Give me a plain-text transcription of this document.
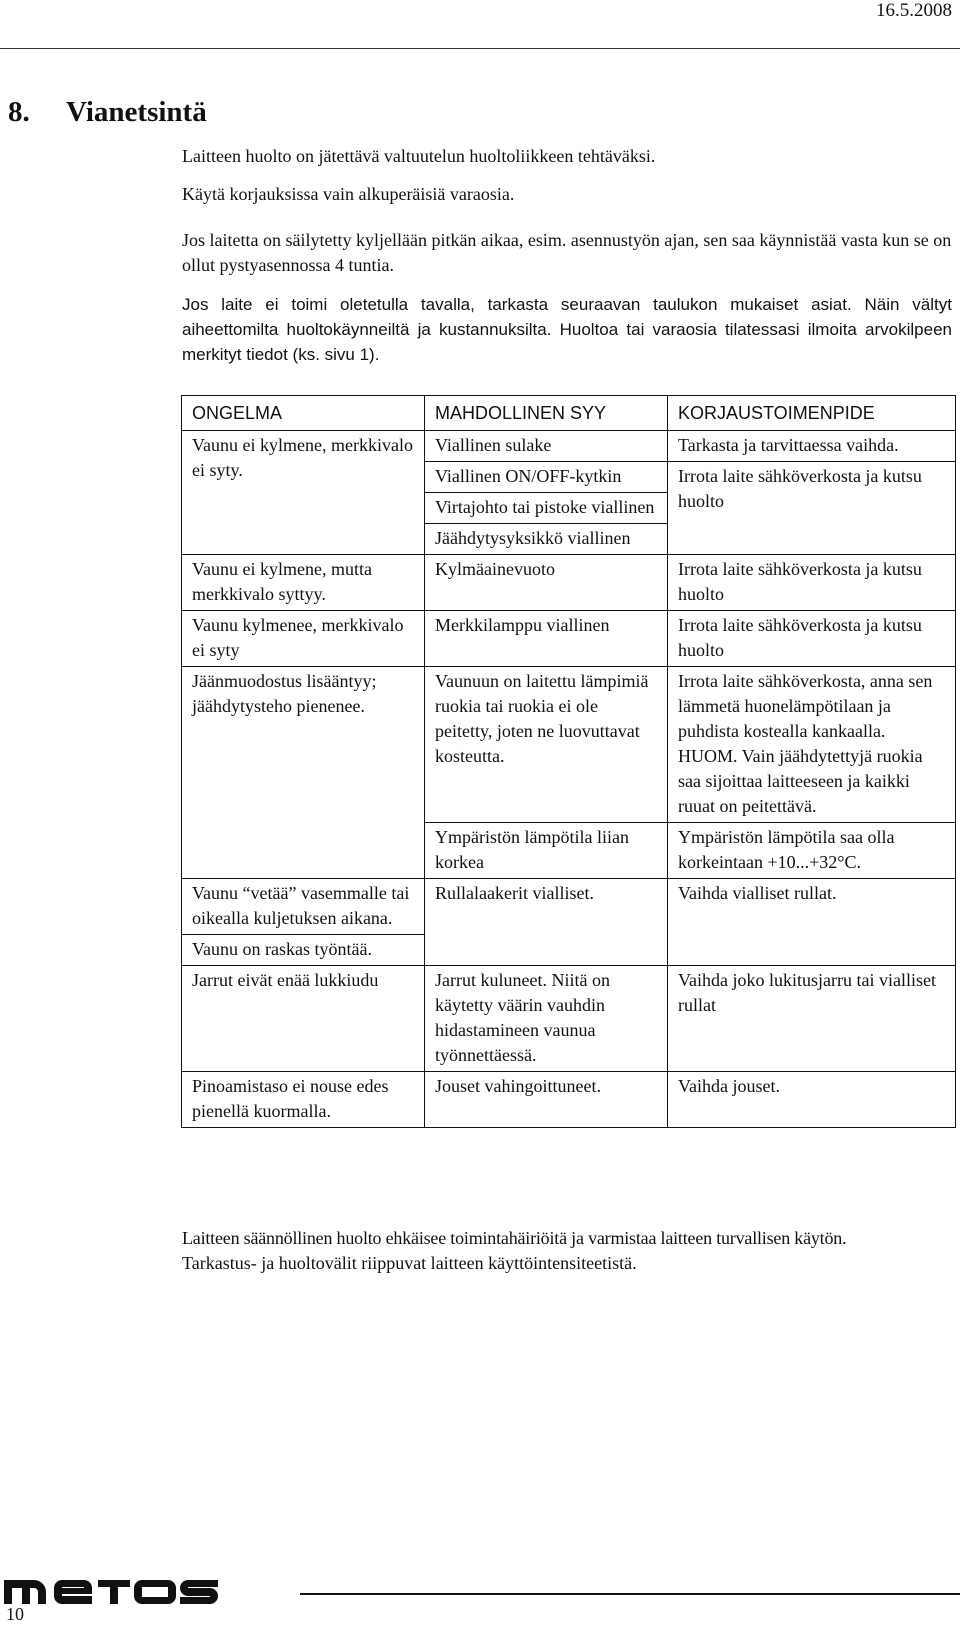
16.5.2008
8. Vianetsintä

Laitteen huolto on jätettävä valtuutelun huoltoliikkeen tehtäväksi.

Käytä korjauksissa vain alkuperäisiä varaosia.

Jos laitetta on säilytetty kyljellään pitkän aikaa, esim. asennustyön ajan, sen saa käynnistää vasta kun se on ollut pystyasennossa 4 tuntia.

Jos laite ei toimi oletetulla tavalla, tarkasta seuraavan taulukon mukaiset asiat. Näin vältyt aiheettomilta huoltokäynneiltä ja kustannuksilta. Huoltoa tai varaosia tilatessasi ilmoita arvokilpeen merkityt tiedot (ks. sivu 1).

ONGELMA	MAHDOLLINEN SYY	KORJAUSTOIMENPIDE
Vaunu ei kylmene, merkkivalo ei syty.	Viallinen sulake	Tarkasta ja tarvittaessa vaihda.
	Viallinen ON/OFF-kytkin	Irrota laite sähköverkosta ja kutsu huolto
	Virtajohto tai pistoke viallinen	
	Jäähdytysyksikkö viallinen	
Vaunu ei kylmene, mutta merkkivalo syttyy.	Kylmäainevuoto	Irrota laite sähköverkosta ja kutsu huolto
Vaunu kylmenee, merkkivalo ei syty	Merkkilamppu viallinen	Irrota laite sähköverkosta ja kutsu huolto
Jäänmuodostus lisääntyy; jäähdytysteho pienenee.	Vaunuun on laitettu lämpimiä ruokia tai ruokia ei ole peitetty, joten ne luovuttavat kosteutta.	Irrota laite sähköverkosta, anna sen lämmetä huonelämpötilaan ja puhdista kostealla kankaalla. HUOM. Vain jäähdytettyjä ruokia saa sijoittaa laitteeseen ja kaikki ruuat on peitettävä.
	Ympäristön lämpötila liian korkea	Ympäristön lämpötila saa olla korkeintaan +10...+32°C.
Vaunu “vetää” vasemmalle tai oikealla kuljetuksen aikana.	Rullalaakerit vialliset.	Vaihda vialliset rullat.
Vaunu on raskas työntää.		
Jarrut eivät enää lukkiudu	Jarrut kuluneet. Niitä on käytetty väärin vauhdin hidastamineen vaunua työnnettäessä.	Vaihda joko lukitusjarru tai vialliset rullat
Pinoamistaso ei nouse edes pienellä kuormalla.	Jouset vahingoittuneet.	Vaihda jouset.

Laitteen säännöllinen huolto ehkäisee toimintahäiriöitä ja varmistaa laitteen turvallisen käytön.

Tarkastus- ja huoltovälit riippuvat laitteen käyttöintensiteetistä.

10
